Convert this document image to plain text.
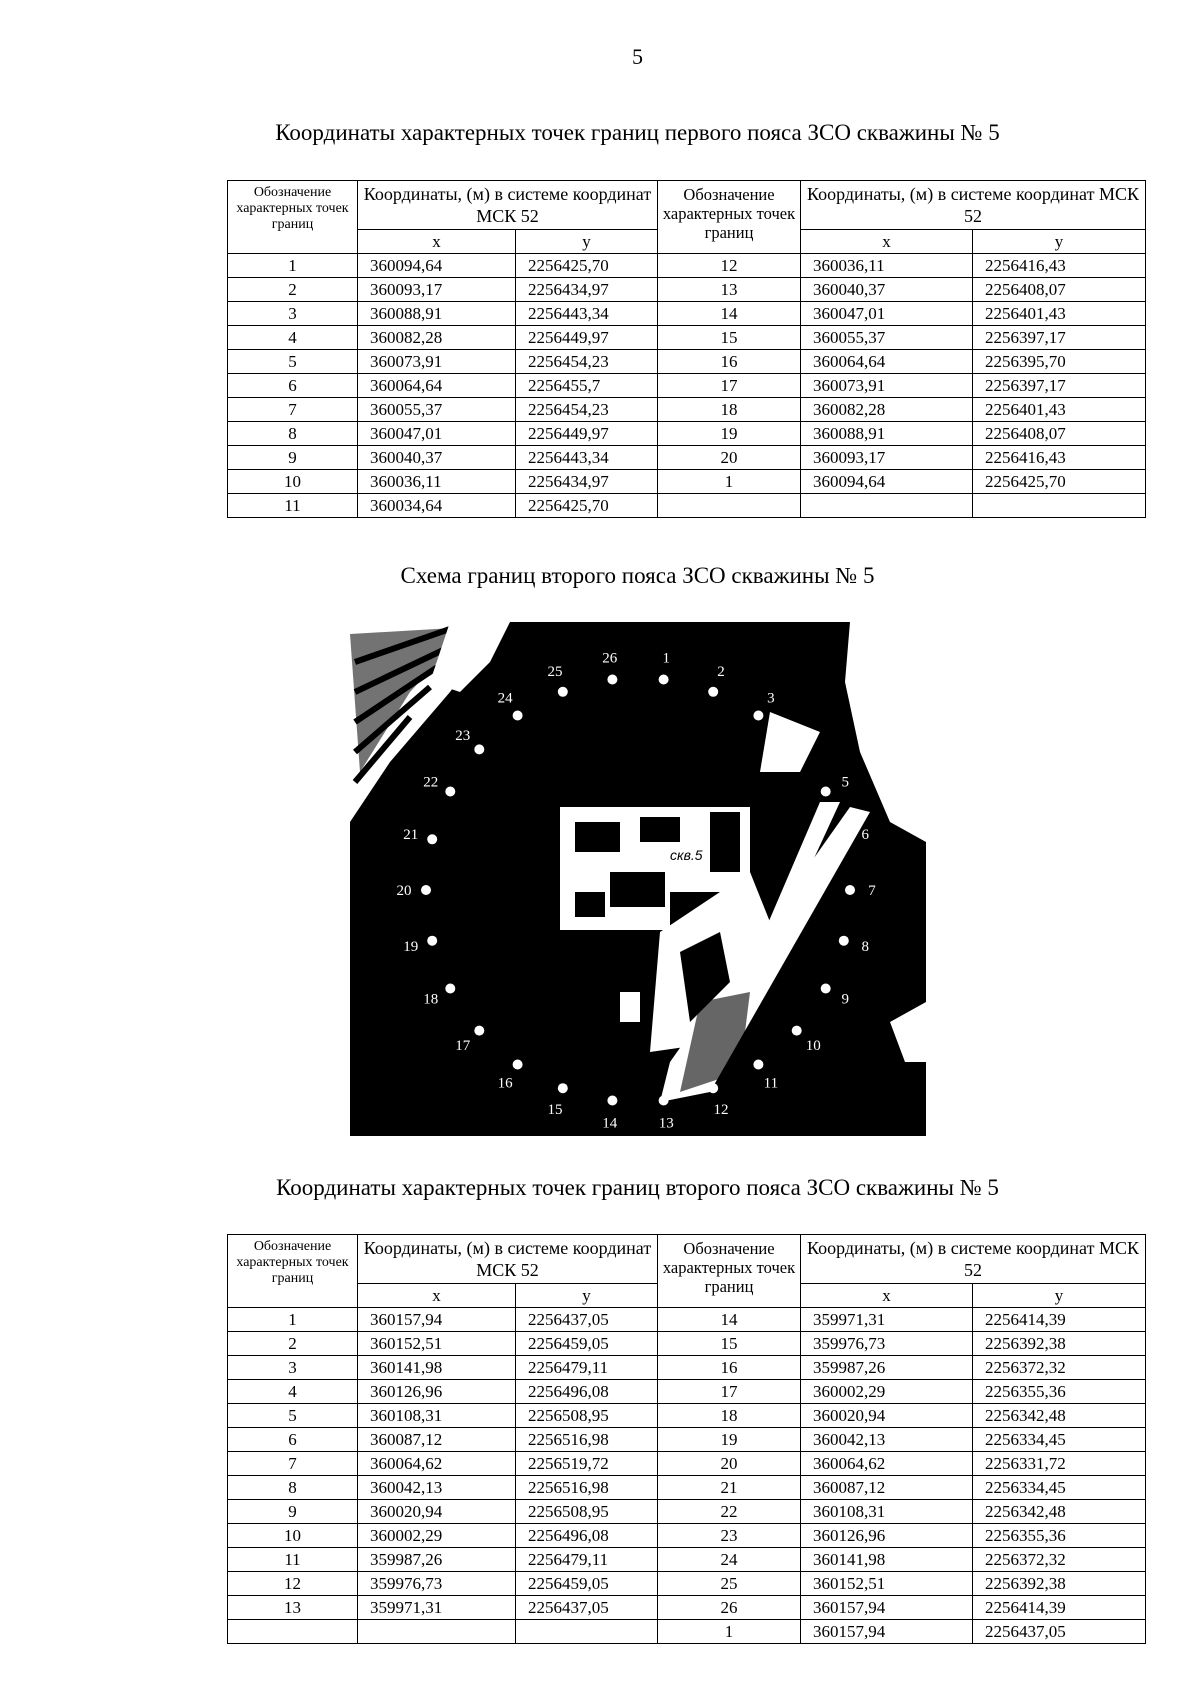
5
Координаты характерных точек границ первого пояса ЗСО скважины № 5
Обозначение характерных точек границ	Координаты, (м) в системе координат МСК 52		Обозначение характерных точек границ	Координаты, (м) в системе координат МСК 52	
	x	y		x	y
1	360094,64	2256425,70	12	360036,11	2256416,43
2	360093,17	2256434,97	13	360040,37	2256408,07
3	360088,91	2256443,34	14	360047,01	2256401,43
4	360082,28	2256449,97	15	360055,37	2256397,17
5	360073,91	2256454,23	16	360064,64	2256395,70
6	360064,64	2256455,7	17	360073,91	2256397,17
7	360055,37	2256454,23	18	360082,28	2256401,43
8	360047,01	2256449,97	19	360088,91	2256408,07
9	360040,37	2256443,34	20	360093,17	2256416,43
10	360036,11	2256434,97	1	360094,64	2256425,70
11	360034,64	2256425,70			
Схема границ второго пояса ЗСО скважины № 5
скв.5
1
2
3
4
5
6
7
8
9
10
11
12
13
14
15
16
17
18
19
20
21
22
23
24
25
26
Координаты характерных точек границ второго пояса ЗСО скважины № 5
Обозначение характерных точек границ	Координаты, (м) в системе координат МСК 52		Обозначение характерных точек границ	Координаты, (м) в системе координат МСК 52	
	x	y		x	y
1	360157,94	2256437,05	14	359971,31	2256414,39
2	360152,51	2256459,05	15	359976,73	2256392,38
3	360141,98	2256479,11	16	359987,26	2256372,32
4	360126,96	2256496,08	17	360002,29	2256355,36
5	360108,31	2256508,95	18	360020,94	2256342,48
6	360087,12	2256516,98	19	360042,13	2256334,45
7	360064,62	2256519,72	20	360064,62	2256331,72
8	360042,13	2256516,98	21	360087,12	2256334,45
9	360020,94	2256508,95	22	360108,31	2256342,48
10	360002,29	2256496,08	23	360126,96	2256355,36
11	359987,26	2256479,11	24	360141,98	2256372,32
12	359976,73	2256459,05	25	360152,51	2256392,38
13	359971,31	2256437,05	26	360157,94	2256414,39
			1	360157,94	2256437,05
